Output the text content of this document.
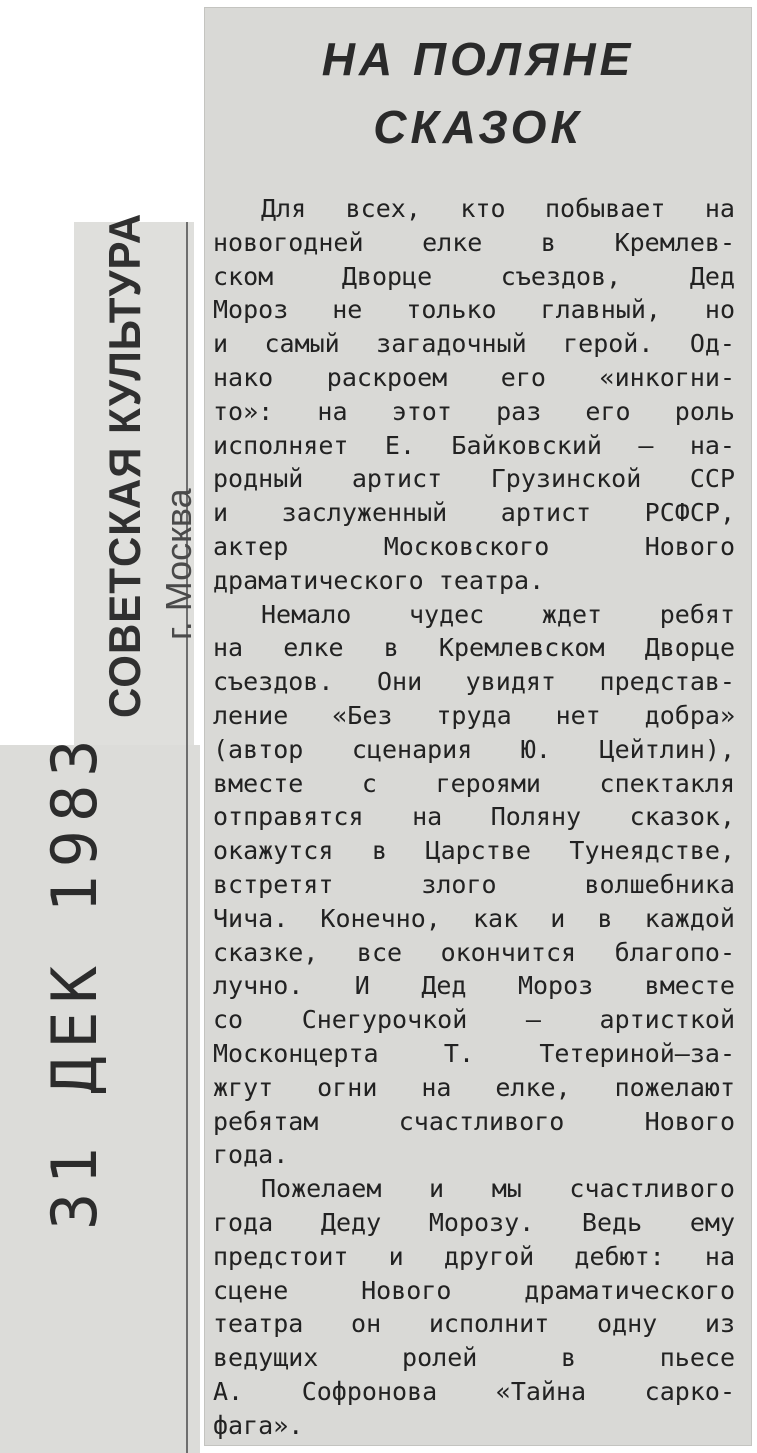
СОВЕТСКАЯ КУЛЬТУРА г. Москва
31 ДЕК 1983
НА ПОЛЯНЕ
СКАЗОК
Для всех, кто побывает на
новогодней елке в Кремлев-
ском Дворце съездов, Дед
Мороз не только главный, но
и самый загадочный герой. Од-
нако раскроем его «инкогни-
то»: на этот раз его роль
исполняет Е. Байковский — на-
родный артист Грузинской ССР
и заслуженный артист РСФСР,
актер Московского Нового
драматического театра.
Немало чудес ждет ребят
на елке в Кремлевском Дворце
съездов. Они увидят представ-
ление «Без труда нет добра»
(автор сценария Ю. Цейтлин),
вместе с героями спектакля
отправятся на Поляну сказок,
окажутся в Царстве Тунеядстве,
встретят злого волшебника
Чича. Конечно, как и в каждой
сказке, все окончится благопо-
лучно. И Дед Мороз вместе
со Снегурочкой — артисткой
Москонцерта Т. Тетериной—за-
жгут огни на елке, пожелают
ребятам счастливого Нового
года.
Пожелаем и мы счастливого
года Деду Морозу. Ведь ему
предстоит и другой дебют: на
сцене Нового драматического
театра он исполнит одну из
ведущих ролей в пьесе
А. Софронова «Тайна сарко-
фага».
